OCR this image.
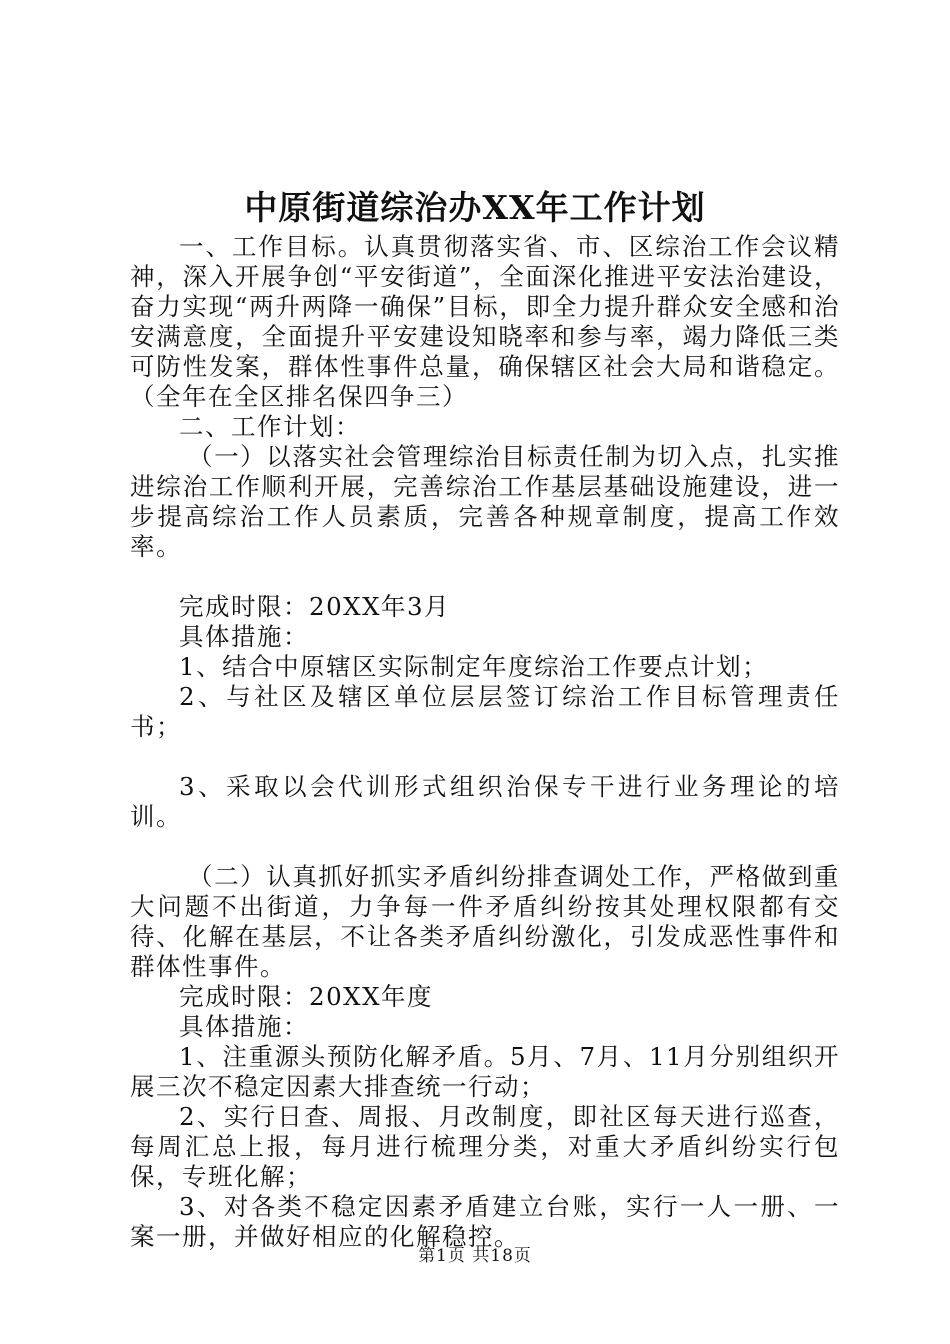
中原街道综治办XX年工作计划

一、工作目标。认真贯彻落实省、市、区综治工作会议精神，深入开展争创“平安街道”，全面深化推进平安法治建设，奋力实现“两升两降一确保”目标，即全力提升群众安全感和治安满意度，全面提升平安建设知晓率和参与率，竭力降低三类可防性发案，群体性事件总量，确保辖区社会大局和谐稳定。（全年在全区排名保四争三）

二、工作计划：

（一）以落实社会管理综治目标责任制为切入点，扎实推进综治工作顺利开展，完善综治工作基层基础设施建设，进一步提高综治工作人员素质，完善各种规章制度，提高工作效率。

完成时限：20XX年3月

具体措施：

1、结合中原辖区实际制定年度综治工作要点计划；

2、与社区及辖区单位层层签订综治工作目标管理责任书；

3、采取以会代训形式组织治保专干进行业务理论的培训。

（二）认真抓好抓实矛盾纠纷排查调处工作，严格做到重大问题不出街道，力争每一件矛盾纠纷按其处理权限都有交待、化解在基层，不让各类矛盾纠纷激化，引发成恶性事件和群体性事件。

完成时限：20XX年度

具体措施：

1、注重源头预防化解矛盾。5月、7月、11月分别组织开展三次不稳定因素大排查统一行动；

2、实行日查、周报、月改制度，即社区每天进行巡查，每周汇总上报，每月进行梳理分类，对重大矛盾纠纷实行包保，专班化解；

3、对各类不稳定因素矛盾建立台账，实行一人一册、一案一册，并做好相应的化解稳控。

第1页 共18页
